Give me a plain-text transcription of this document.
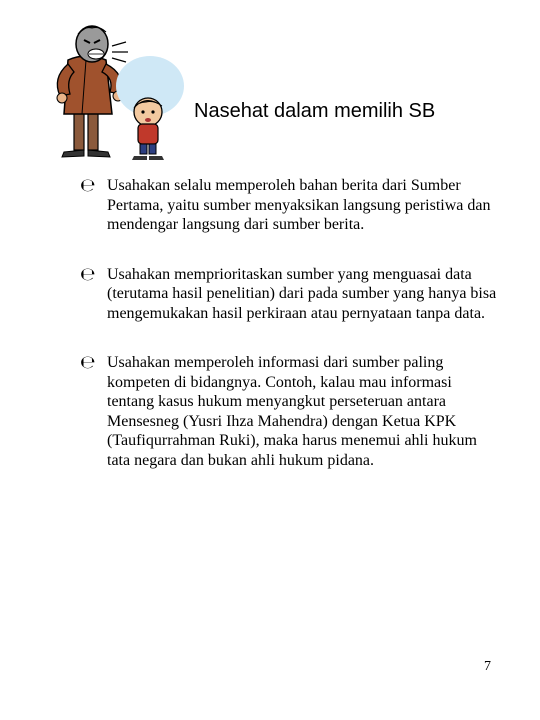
Nasehat dalam memilih SB
℮ Usahakan selalu memperoleh bahan berita dari Sumber Pertama, yaitu sumber menyaksikan langsung peristiwa dan mendengar langsung dari sumber berita.
℮ Usahakan memprioritaskan sumber yang menguasai data (terutama hasil penelitian) dari pada sumber yang hanya bisa mengemukakan hasil perkiraan atau pernyataan tanpa data.
℮ Usahakan memperoleh informasi dari sumber paling kompeten di bidangnya. Contoh, kalau mau informasi tentang kasus hukum menyangkut perseteruan antara Mensesneg (Yusri Ihza Mahendra) dengan Ketua KPK (Taufiqurrahman Ruki), maka harus menemui ahli hukum tata negara dan bukan ahli hukum pidana.
7
